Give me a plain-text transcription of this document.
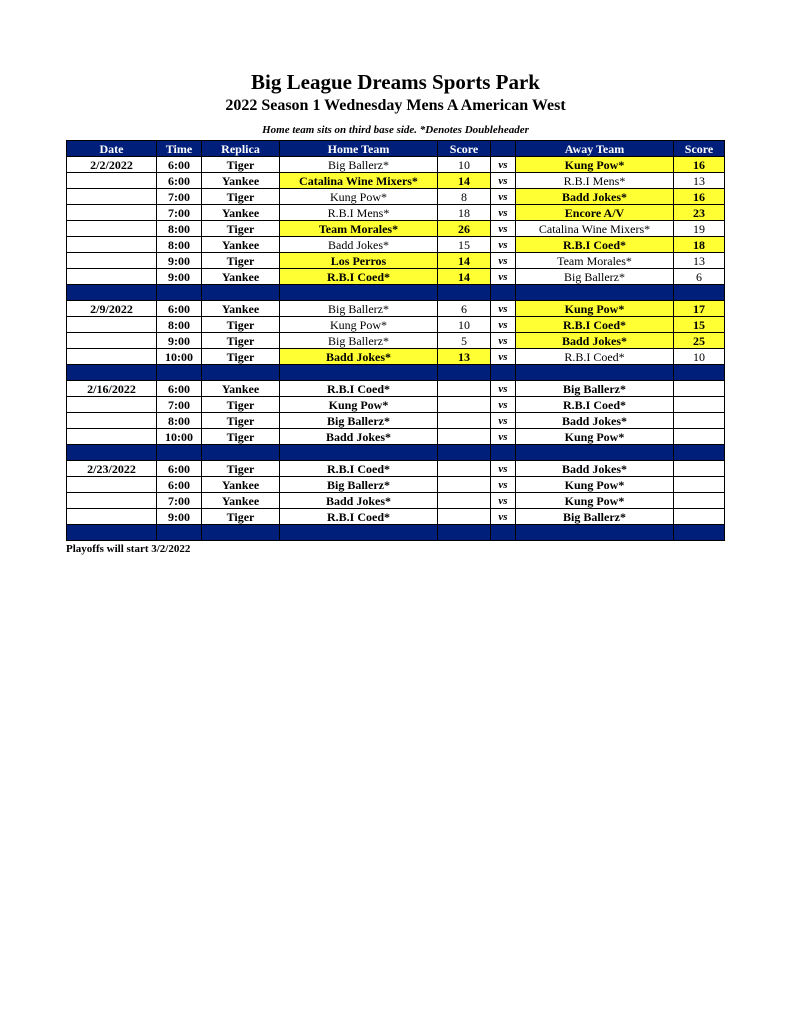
Big League Dreams Sports Park
2022 Season 1 Wednesday Mens A American West
Home team sits on third base side. *Denotes Doubleheader
Date	Time	Replica	Home Team	Score		Away Team	Score
2/2/2022	6:00	Tiger	Big Ballerz*	10	vs	Kung Pow*	16
	6:00	Yankee	Catalina Wine Mixers*	14	vs	R.B.I Mens*	13
	7:00	Tiger	Kung Pow*	8	vs	Badd Jokes*	16
	7:00	Yankee	R.B.I Mens*	18	vs	Encore A/V	23
	8:00	Tiger	Team Morales*	26	vs	Catalina Wine Mixers*	19
	8:00	Yankee	Badd Jokes*	15	vs	R.B.I Coed*	18
	9:00	Tiger	Los Perros	14	vs	Team Morales*	13
	9:00	Yankee	R.B.I Coed*	14	vs	Big Ballerz*	6

2/9/2022	6:00	Yankee	Big Ballerz*	6	vs	Kung Pow*	17
	8:00	Tiger	Kung Pow*	10	vs	R.B.I Coed*	15
	9:00	Tiger	Big Ballerz*	5	vs	Badd Jokes*	25
	10:00	Tiger	Badd Jokes*	13	vs	R.B.I Coed*	10

2/16/2022	6:00	Yankee	R.B.I Coed*		vs	Big Ballerz*	
	7:00	Tiger	Kung Pow*		vs	R.B.I Coed*	
	8:00	Tiger	Big Ballerz*		vs	Badd Jokes*	
	10:00	Tiger	Badd Jokes*		vs	Kung Pow*	

2/23/2022	6:00	Tiger	R.B.I Coed*		vs	Badd Jokes*	
	6:00	Yankee	Big Ballerz*		vs	Kung Pow*	
	7:00	Yankee	Badd Jokes*		vs	Kung Pow*	
	9:00	Tiger	R.B.I Coed*		vs	Big Ballerz*	

Playoffs will start 3/2/2022
